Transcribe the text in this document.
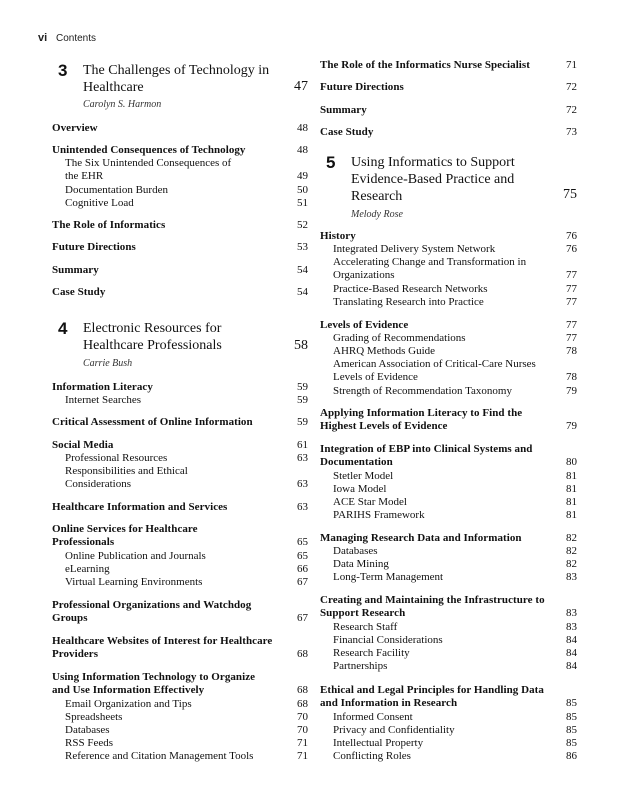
vi Contents
3 The Challenges of Technology in Healthcare	47
Carolyn S. Harmon
Overview	48
Unintended Consequences of Technology	48
The Six Unintended Consequences of the EHR	49
Documentation Burden	50
Cognitive Load	51
The Role of Informatics	52
Future Directions	53
Summary	54
Case Study	54
4 Electronic Resources for Healthcare Professionals	58
Carrie Bush
Information Literacy	59
Internet Searches	59
Critical Assessment of Online Information	59
Social Media	61
Professional Resources	63
Responsibilities and Ethical Considerations	63
Healthcare Information and Services	63
Online Services for Healthcare Professionals	65
Online Publication and Journals	65
eLearning	66
Virtual Learning Environments	67
Professional Organizations and Watchdog Groups	67
Healthcare Websites of Interest for Healthcare Providers	68
Using Information Technology to Organize and Use Information Effectively	68
Email Organization and Tips	68
Spreadsheets	70
Databases	70
RSS Feeds	71
Reference and Citation Management Tools	71
The Role of the Informatics Nurse Specialist	71
Future Directions	72
Summary	72
Case Study	73
5 Using Informatics to Support Evidence-Based Practice and Research	75
Melody Rose
History	76
Integrated Delivery System Network	76
Accelerating Change and Transformation in Organizations	77
Practice-Based Research Networks	77
Translating Research into Practice	77
Levels of Evidence	77
Grading of Recommendations	77
AHRQ Methods Guide	78
American Association of Critical-Care Nurses Levels of Evidence	78
Strength of Recommendation Taxonomy	79
Applying Information Literacy to Find the Highest Levels of Evidence	79
Integration of EBP into Clinical Systems and Documentation	80
Stetler Model	81
Iowa Model	81
ACE Star Model	81
PARIHS Framework	81
Managing Research Data and Information	82
Databases	82
Data Mining	82
Long-Term Management	83
Creating and Maintaining the Infrastructure to Support Research	83
Research Staff	83
Financial Considerations	84
Research Facility	84
Partnerships	84
Ethical and Legal Principles for Handling Data and Information in Research	85
Informed Consent	85
Privacy and Confidentiality	85
Intellectual Property	85
Conflicting Roles	86
